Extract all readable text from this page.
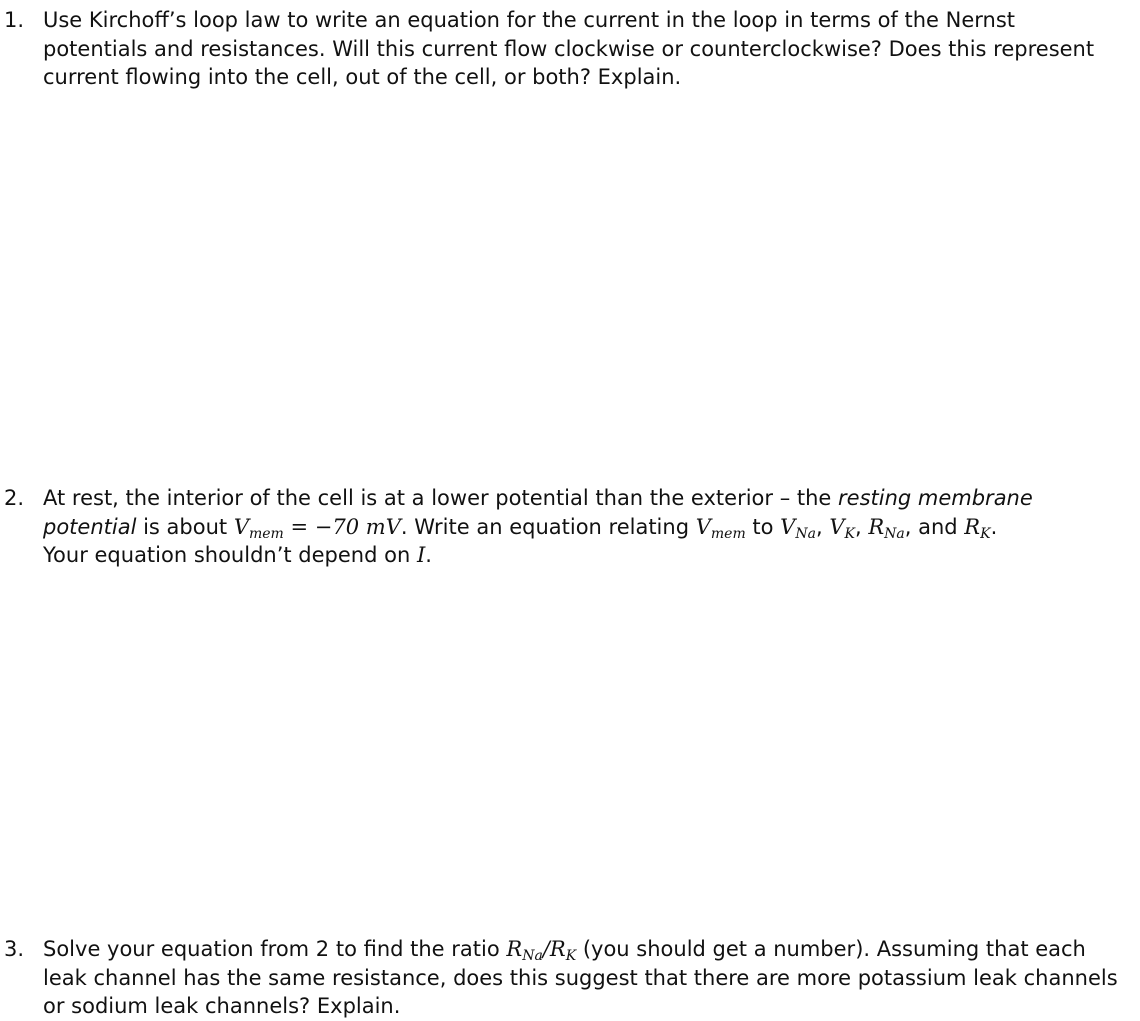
1. Use Kirchoff’s loop law to write an equation for the current in the loop in terms of the Nernst potentials and resistances. Will this current flow clockwise or counterclockwise? Does this represent current flowing into the cell, out of the cell, or both? Explain.
2. At rest, the interior of the cell is at a lower potential than the exterior – the resting membrane potential is about $V_{mem} = -70$ mV. Write an equation relating $V_{mem}$ to $V_{Na}$, $V_K$, $R_{Na}$, and $R_K$.
Your equation shouldn’t depend on I.
3. Solve your equation from 2 to find the ratio $R_{Na}/R_K$ (you should get a number). Assuming that each leak channel has the same resistance, does this suggest that there are more potassium leak channels or sodium leak channels? Explain.
